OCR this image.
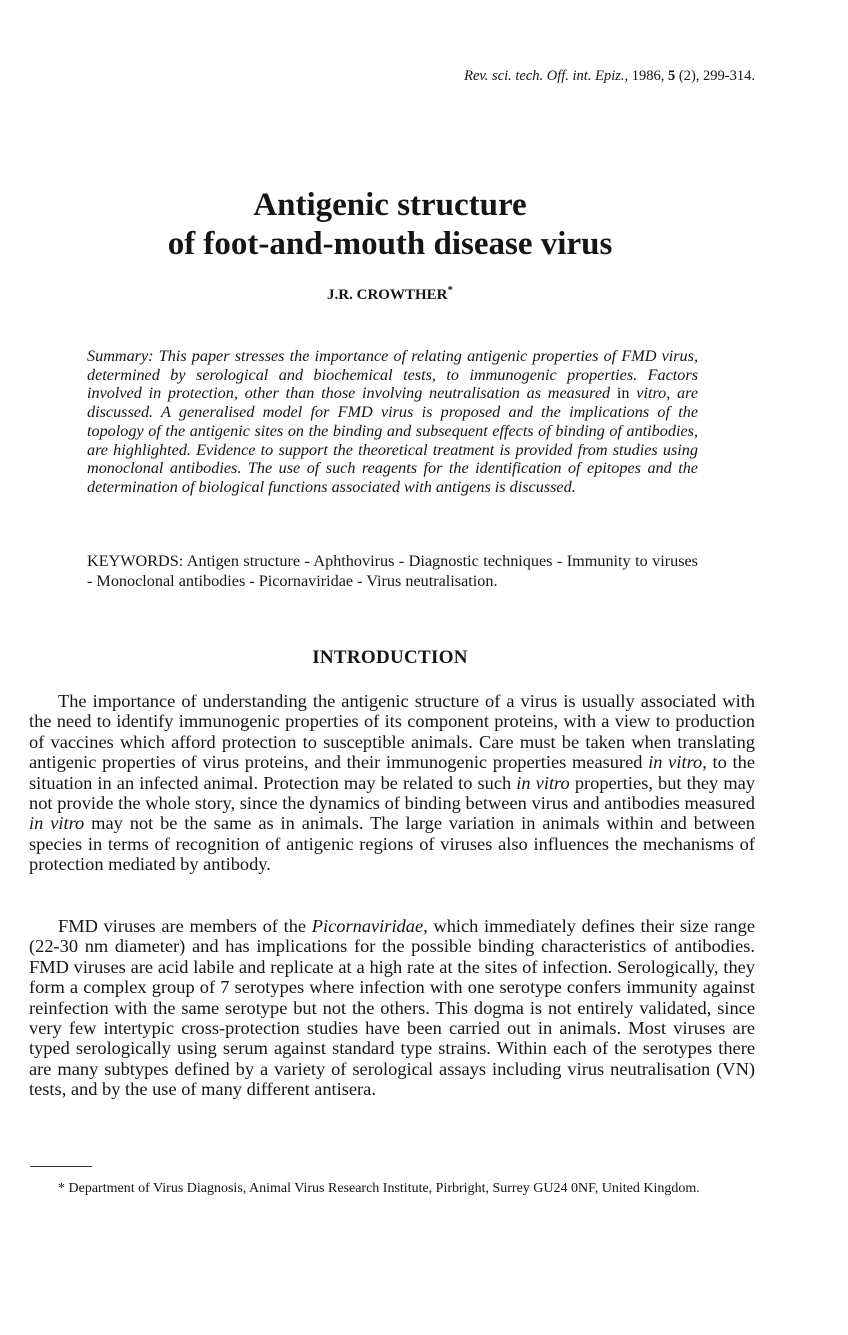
Rev. sci. tech. Off. int. Epiz., 1986, 5 (2), 299-314.
Antigenic structure
of foot-and-mouth disease virus
J.R. CROWTHER*
Summary: This paper stresses the importance of relating antigenic properties of FMD virus, determined by serological and biochemical tests, to immunogenic properties. Factors involved in protection, other than those involving neutralisation as measured in vitro, are discussed. A generalised model for FMD virus is proposed and the implications of the topology of the antigenic sites on the binding and subsequent effects of binding of antibodies, are highlighted. Evidence to support the theoretical treatment is provided from studies using monoclonal antibodies. The use of such reagents for the identification of epitopes and the determination of biological functions associated with antigens is discussed.
KEYWORDS: Antigen structure - Aphthovirus - Diagnostic techniques - Immunity to viruses - Monoclonal antibodies - Picornaviridae - Virus neutralisation.
INTRODUCTION
The importance of understanding the antigenic structure of a virus is usually associated with the need to identify immunogenic properties of its component proteins, with a view to production of vaccines which afford protection to susceptible animals. Care must be taken when translating antigenic properties of virus proteins, and their immunogenic properties measured in vitro, to the situation in an infected animal. Protection may be related to such in vitro properties, but they may not provide the whole story, since the dynamics of binding between virus and antibodies measured in vitro may not be the same as in animals. The large variation in animals within and between species in terms of recognition of antigenic regions of viruses also influences the mechanisms of protection mediated by antibody.
FMD viruses are members of the Picornaviridae, which immediately defines their size range (22-30 nm diameter) and has implications for the possible binding characteristics of antibodies. FMD viruses are acid labile and replicate at a high rate at the sites of infection. Serologically, they form a complex group of 7 serotypes where infection with one serotype confers immunity against reinfection with the same serotype but not the others. This dogma is not entirely validated, since very few intertypic cross-protection studies have been carried out in animals. Most viruses are typed serologically using serum against standard type strains. Within each of the serotypes there are many subtypes defined by a variety of serological assays including virus neutralisation (VN) tests, and by the use of many different antisera.
* Department of Virus Diagnosis, Animal Virus Research Institute, Pirbright, Surrey GU24 0NF, United Kingdom.
